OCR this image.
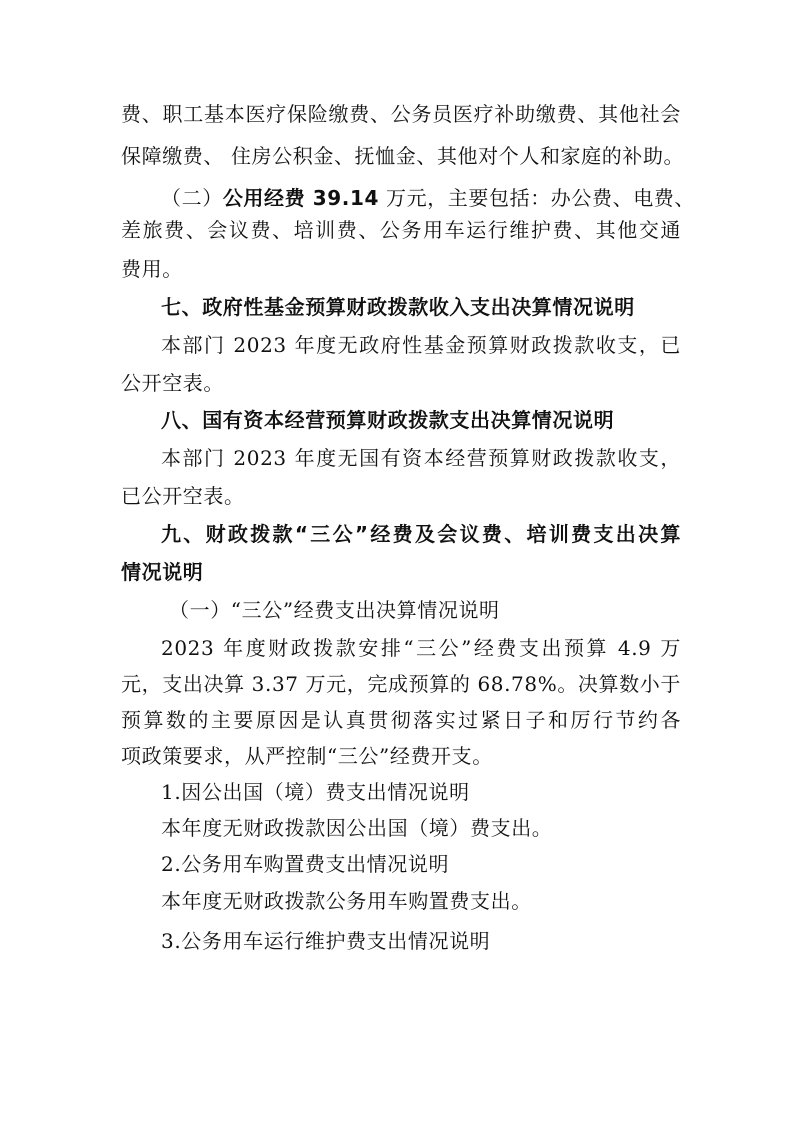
费、职工基本医疗保险缴费、公务员医疗补助缴费、其他社会
保障缴费、 住房公积金、抚恤金、其他对个人和家庭的补助。
（二）公用经费 39.14 万元，主要包括：办公费、电费、
差旅费、会议费、培训费、公务用车运行维护费、其他交通
费用。
七、政府性基金预算财政拨款收入支出决算情况说明
本部门 2023 年度无政府性基金预算财政拨款收支，已
公开空表。
八、国有资本经营预算财政拨款支出决算情况说明
本部门 2023 年度无国有资本经营预算财政拨款收支，
已公开空表。
九、财政拨款“三公”经费及会议费、培训费支出决算
情况说明
（一）“三公”经费支出决算情况说明
2023 年度财政拨款安排“三公”经费支出预算 4.9 万
元，支出决算 3.37 万元，完成预算的 68.78%。决算数小于
预算数的主要原因是认真贯彻落实过紧日子和厉行节约各
项政策要求，从严控制“三公”经费开支。
1.因公出国（境）费支出情况说明
本年度无财政拨款因公出国（境）费支出。
2.公务用车购置费支出情况说明
本年度无财政拨款公务用车购置费支出。
3.公务用车运行维护费支出情况说明
